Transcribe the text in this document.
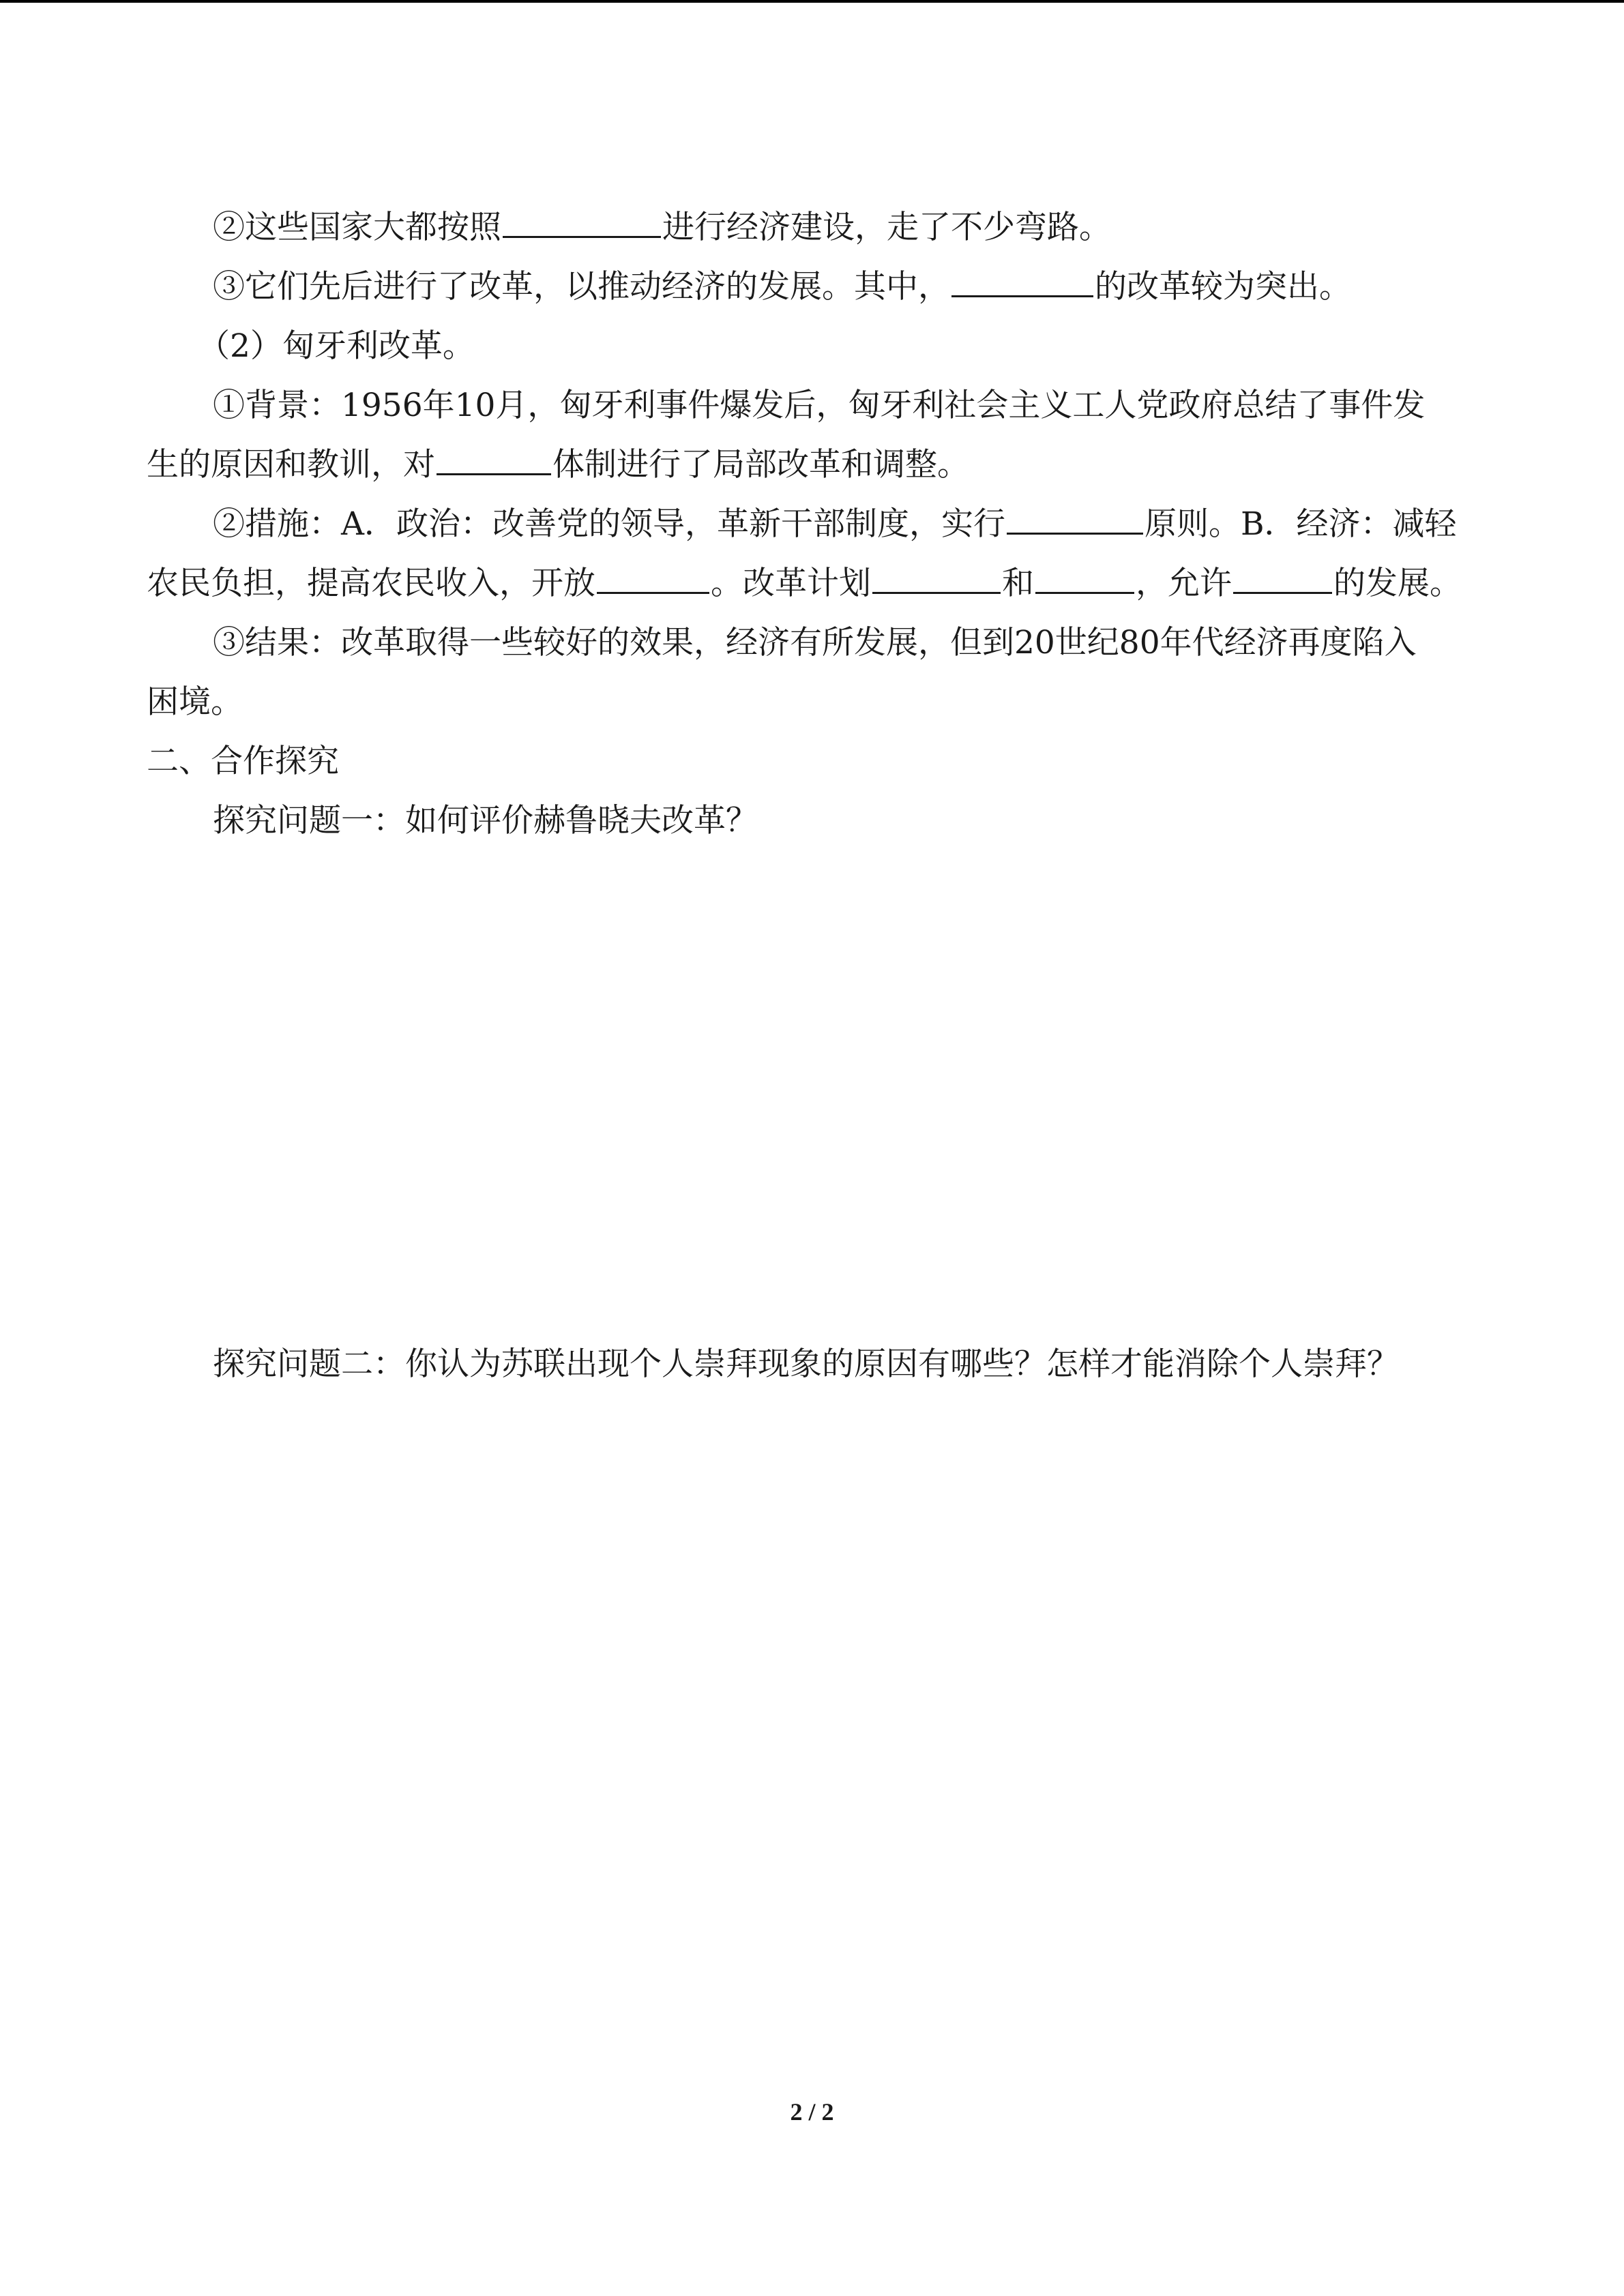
②这些国家大都按照	进行经济建设，走了不少弯路。
③它们先后进行了改革，以推动经济的发展。其中，	的改革较为突出。
（2）匈牙利改革。
①背景：1956年10月，匈牙利事件爆发后，匈牙利社会主义工人党政府总结了事件发
生的原因和教训，对	体制进行了局部改革和调整。
②措施：A．政治：改善党的领导，革新干部制度，实行	原则。B．经济：减轻
农民负担，提高农民收入，开放	。改革计划	和	，允许	的发展。
③结果：改革取得一些较好的效果，经济有所发展，但到20世纪80年代经济再度陷入
困境。
二、合作探究
探究问题一：如何评价赫鲁晓夫改革？
探究问题二：你认为苏联出现个人崇拜现象的原因有哪些？怎样才能消除个人崇拜？
2 / 2
